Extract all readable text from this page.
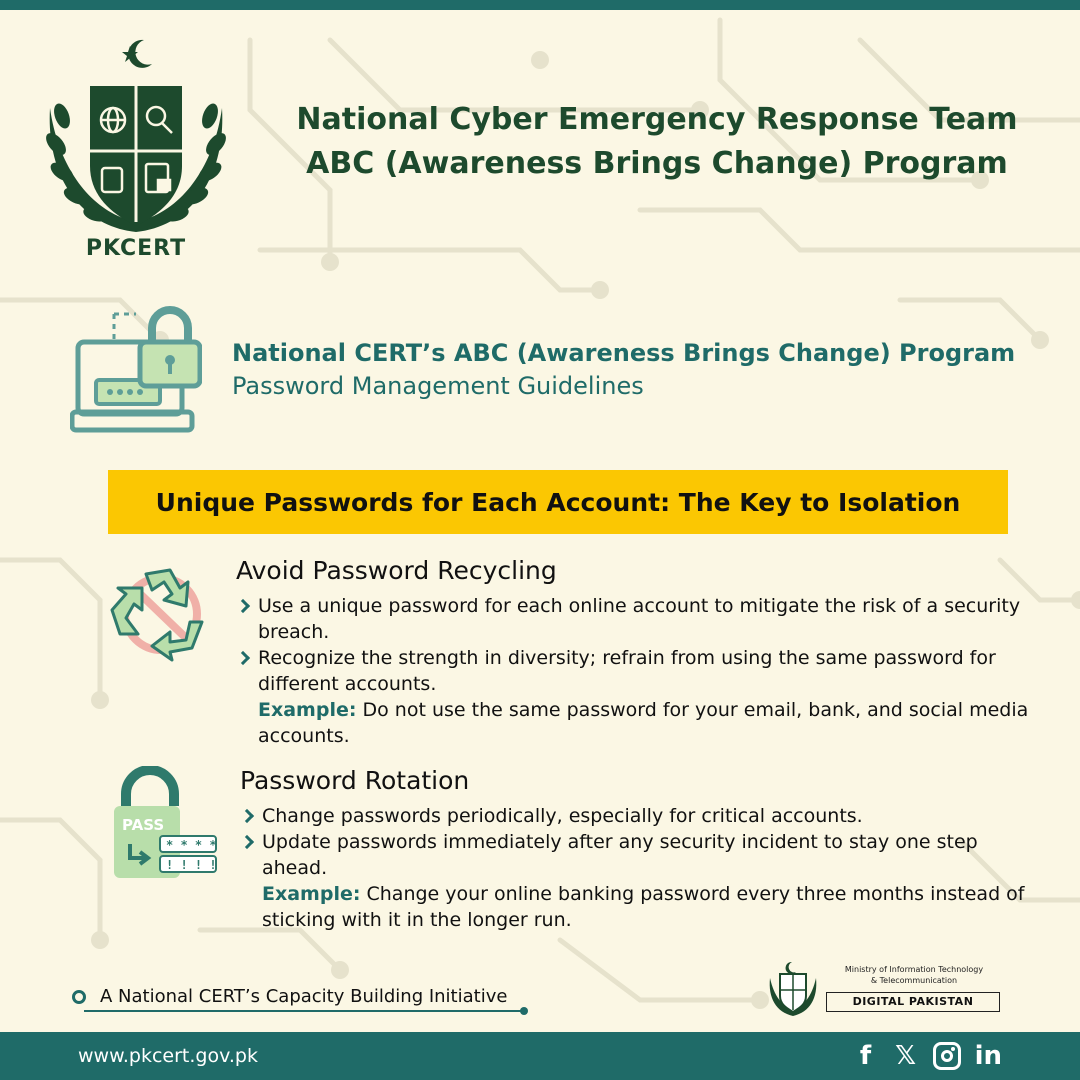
PKCERT
National Cyber Emergency Response Team
ABC (Awareness Brings Change) Program
National CERT’s ABC (Awareness Brings Change) Program
Password Management Guidelines
Unique Passwords for Each Account: The Key to Isolation
Avoid Password Recycling
Use a unique password for each online account to mitigate the risk of a security breach.
Recognize the strength in diversity; refrain from using the same password for different accounts.
Example: Do not use the same password for your email, bank, and social media accounts.
PASS
* * * *
! ! ! !
Password Rotation
Change passwords periodically, especially for critical accounts.
Update passwords immediately after any security incident to stay one step ahead.
Example: Change your online banking password every three months instead of sticking with it in the longer run.
A National CERT’s Capacity Building Initiative
Ministry of Information Technology
& Telecommunication
DIGITAL PAKISTAN
www.pkcert.gov.pk	f 𝕏 in
